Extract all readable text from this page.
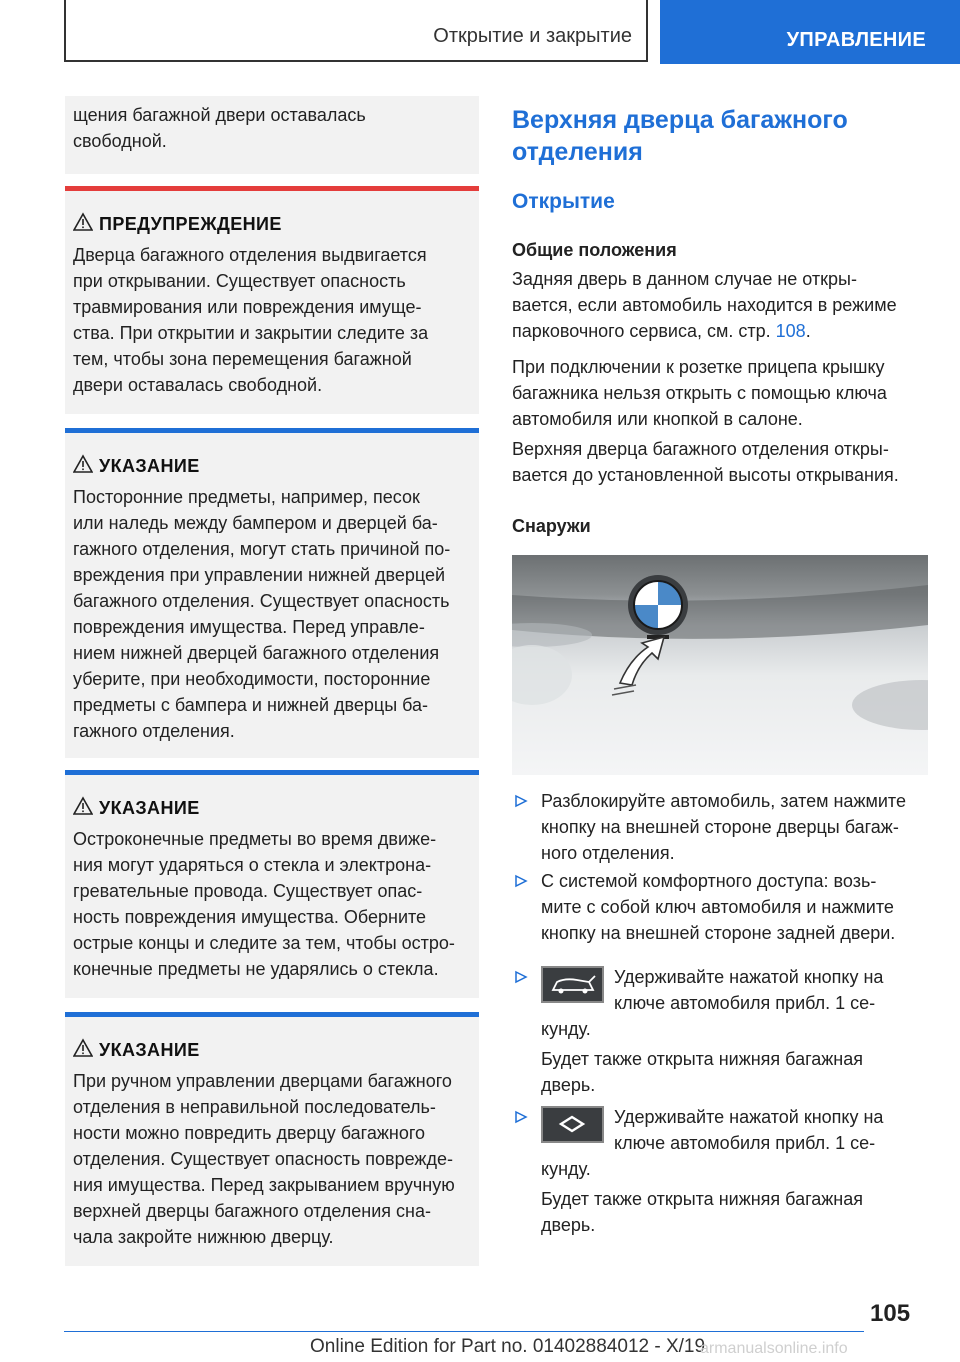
Открытие и закрытие	УПРАВЛЕНИЕ

щения багажной двери оставалась

свободной.

ПРЕДУПРЕЖДЕНИЕ

Дверца багажного отделения выдвигается

при открывании. Существует опасность

травмирования или повреждения имуще-

ства. При открытии и закрытии следите за

тем, чтобы зона перемещения багажной

двери оставалась свободной.

УКАЗАНИЕ

Посторонние предметы, например, песок

или наледь между бампером и дверцей ба-

гажного отделения, могут стать причиной по-

вреждения при управлении нижней дверцей

багажного отделения. Существует опасность

повреждения имущества. Перед управле-

нием нижней дверцей багажного отделения

уберите, при необходимости, посторонние

предметы с бампера и нижней дверцы ба-

гажного отделения.

УКАЗАНИЕ

Остроконечные предметы во время движе-

ния могут ударяться о стекла и электрона-

гревательные провода. Существует опас-

ность повреждения имущества. Оберните

острые концы и следите за тем, чтобы остро-

конечные предметы не ударялись о стекла.

УКАЗАНИЕ

При ручном управлении дверцами багажного

отделения в неправильной последователь-

ности можно повредить дверцу багажного

отделения. Существует опасность поврежде-

ния имущества. Перед закрыванием вручную

верхней дверцы багажного отделения сна-

чала закройте нижнюю дверцу.

Верхняя дверца багажного
отделения
Открытие
Общие положения

Задняя дверь в данном случае не откры-

вается, если автомобиль находится в режиме

парковочного сервиса, см. стр. 108.

При подключении к розетке прицепа крышку

багажника нельзя открыть с помощью ключа

автомобиля или кнопкой в салоне.

Верхняя дверца багажного отделения откры-

вается до установленной высоты открывания.

Снаружи

Разблокируйте автомобиль, затем нажмите

кнопку на внешней стороне дверцы багаж-

ного отделения.

С системой комфортного доступа: возь-

мите с собой ключ автомобиля и нажмите

кнопку на внешней стороне задней двери.

Удерживайте нажатой кнопку на

ключе автомобиля прибл. 1 се-

кунду.

Будет также открыта нижняя багажная

дверь.

Удерживайте нажатой кнопку на

ключе автомобиля прибл. 1 се-

кунду.

Будет также открыта нижняя багажная

дверь.

105
Online Edition for Part no. 01402884012 - X/19
armanualsonline.info
